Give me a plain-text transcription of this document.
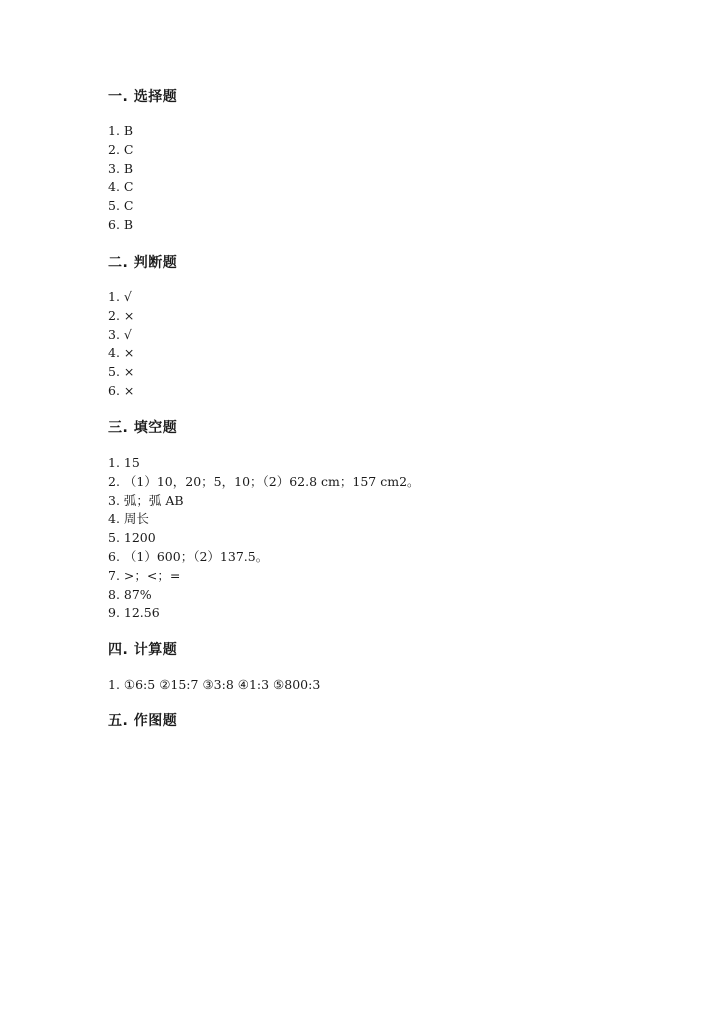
一. 选择题
1. B
2. C
3. B
4. C
5. C
6. B
二. 判断题
1. √
2. ×
3. √
4. ×
5. ×
6. ×
三. 填空题
1. 15
2. （1）10，20；5，10；（2）62.8 cm；157 cm2。
3. 弧；弧 AB
4. 周长
5. 1200
6. （1）600；（2）137.5。
7. >；<；=
8. 87%
9. 12.56
四. 计算题
1. ①6:5 ②15:7 ③3:8 ④1:3 ⑤800:3
五. 作图题
